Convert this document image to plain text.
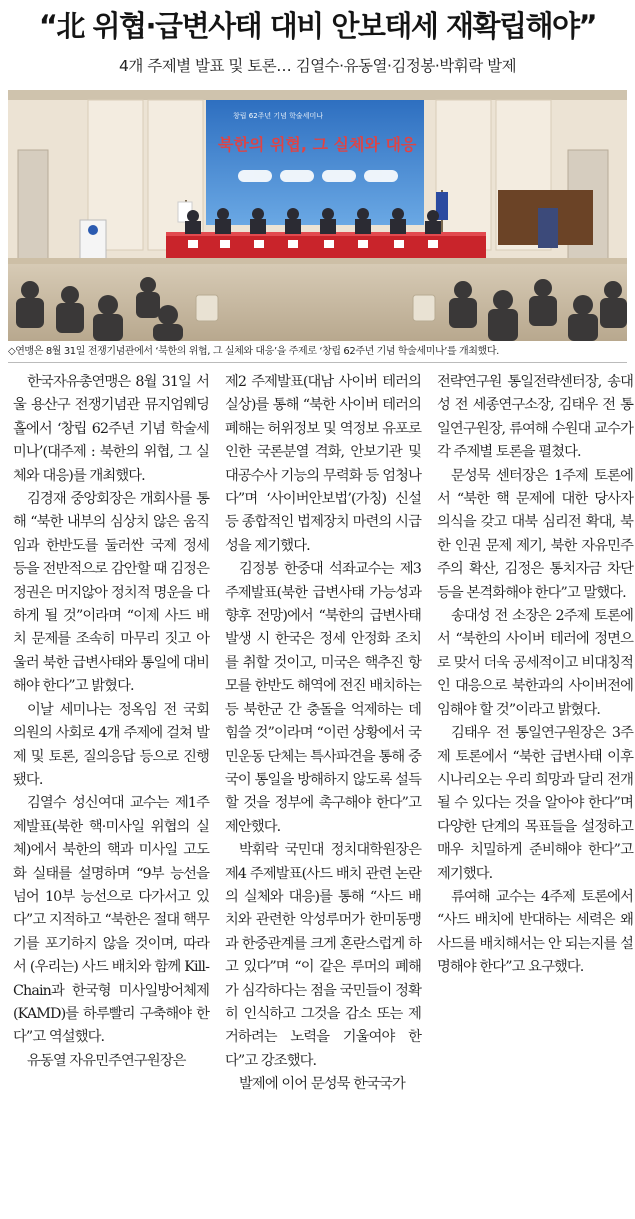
“北 위협·급변사태 대비 안보태세 재확립해야”
4개 주제별 발표 및 토론… 김열수·유동열·김정봉·박휘락 발제
창립 62주년 기념 학술세미나
북한의 위협, 그 실체와 대응
◇연맹은 8월 31일 전쟁기념관에서 ‘북한의 위협, 그 실체와 대응’을 주제로 ‘창립 62주년 기념 학술세미나’를 개최했다.

한국자유총연맹은 8월 31일 서울 용산구 전쟁기념관 뮤지엄웨딩홀에서 ‘창립 62주년 기념 학술세미나’(대주제 : 북한의 위협, 그 실체와 대응)를 개최했다.

김경재 중앙회장은 개회사를 통해 “북한 내부의 심상치 않은 움직임과 한반도를 둘러싼 국제 정세 등을 전반적으로 감안할 때 김정은 정권은 머지않아 정치적 명운을 다하게 될 것”이라며 “이제 사드 배치 문제를 조속히 마무리 짓고 아울러 북한 급변사태와 통일에 대비해야 한다”고 밝혔다.

이날 세미나는 정옥임 전 국회의원의 사회로 4개 주제에 걸쳐 발제 및 토론, 질의응답 등으로 진행됐다.

김열수 성신여대 교수는 제1주제발표(북한 핵·미사일 위협의 실체)에서 북한의 핵과 미사일 고도화 실태를 설명하며 “9부 능선을 넘어 10부 능선으로 다가서고 있다”고 지적하고 “북한은 절대 핵무기를 포기하지 않을 것이며, 따라서 (우리는) 사드 배치와 함께 Kill-Chain과 한국형 미사일방어체제(KAMD)를 하루빨리 구축해야 한다”고 역설했다.

유동열 자유민주연구원장은

제2 주제발표(대남 사이버 테러의 실상)를 통해 “북한 사이버 테러의 폐해는 허위정보 및 역정보 유포로 인한 국론분열 격화, 안보기관 및 대공수사 기능의 무력화 등 엄청나다”며 ‘사이버안보법’(가칭) 신설 등 종합적인 법제장치 마련의 시급성을 제기했다.

김정봉 한중대 석좌교수는 제3 주제발표(북한 급변사태 가능성과 향후 전망)에서 “북한의 급변사태 발생 시 한국은 정세 안정화 조치를 취할 것이고, 미국은 핵추진 항모를 한반도 해역에 전진 배치하는 등 북한군 간 충돌을 억제하는 데 힘쓸 것”이라며 “이런 상황에서 국민운동 단체는 특사파견을 통해 중국이 통일을 방해하지 않도록 설득할 것을 정부에 촉구해야 한다”고 제안했다.

박휘락 국민대 정치대학원장은 제4 주제발표(사드 배치 관련 논란의 실체와 대응)를 통해 “사드 배치와 관련한 악성루머가 한미동맹과 한중관계를 크게 혼란스럽게 하고 있다”며 “이 같은 루머의 폐해가 심각하다는 점을 국민들이 정확히 인식하고 그것을 감소 또는 제거하려는 노력을 기울여야 한다”고 강조했다.

발제에 이어 문성묵 한국국가

전략연구원 통일전략센터장, 송대성 전 세종연구소장, 김태우 전 통일연구원장, 류여해 수원대 교수가 각 주제별 토론을 펼쳤다.

문성묵 센터장은 1주제 토론에서 “북한 핵 문제에 대한 당사자 의식을 갖고 대북 심리전 확대, 북한 인권 문제 제기, 북한 자유민주주의 확산, 김정은 통치자금 차단 등을 본격화해야 한다”고 말했다.

송대성 전 소장은 2주제 토론에서 “북한의 사이버 테러에 정면으로 맞서 더욱 공세적이고 비대칭적인 대응으로 북한과의 사이버전에 임해야 할 것”이라고 밝혔다.

김태우 전 통일연구원장은 3주제 토론에서 “북한 급변사태 이후 시나리오는 우리 희망과 달리 전개될 수 있다는 것을 알아야 한다”며 다양한 단계의 목표들을 설정하고 매우 치밀하게 준비해야 한다”고 제기했다.

류여해 교수는 4주제 토론에서 “사드 배치에 반대하는 세력은 왜 사드를 배치해서는 안 되는지를 설명해야 한다”고 요구했다.
